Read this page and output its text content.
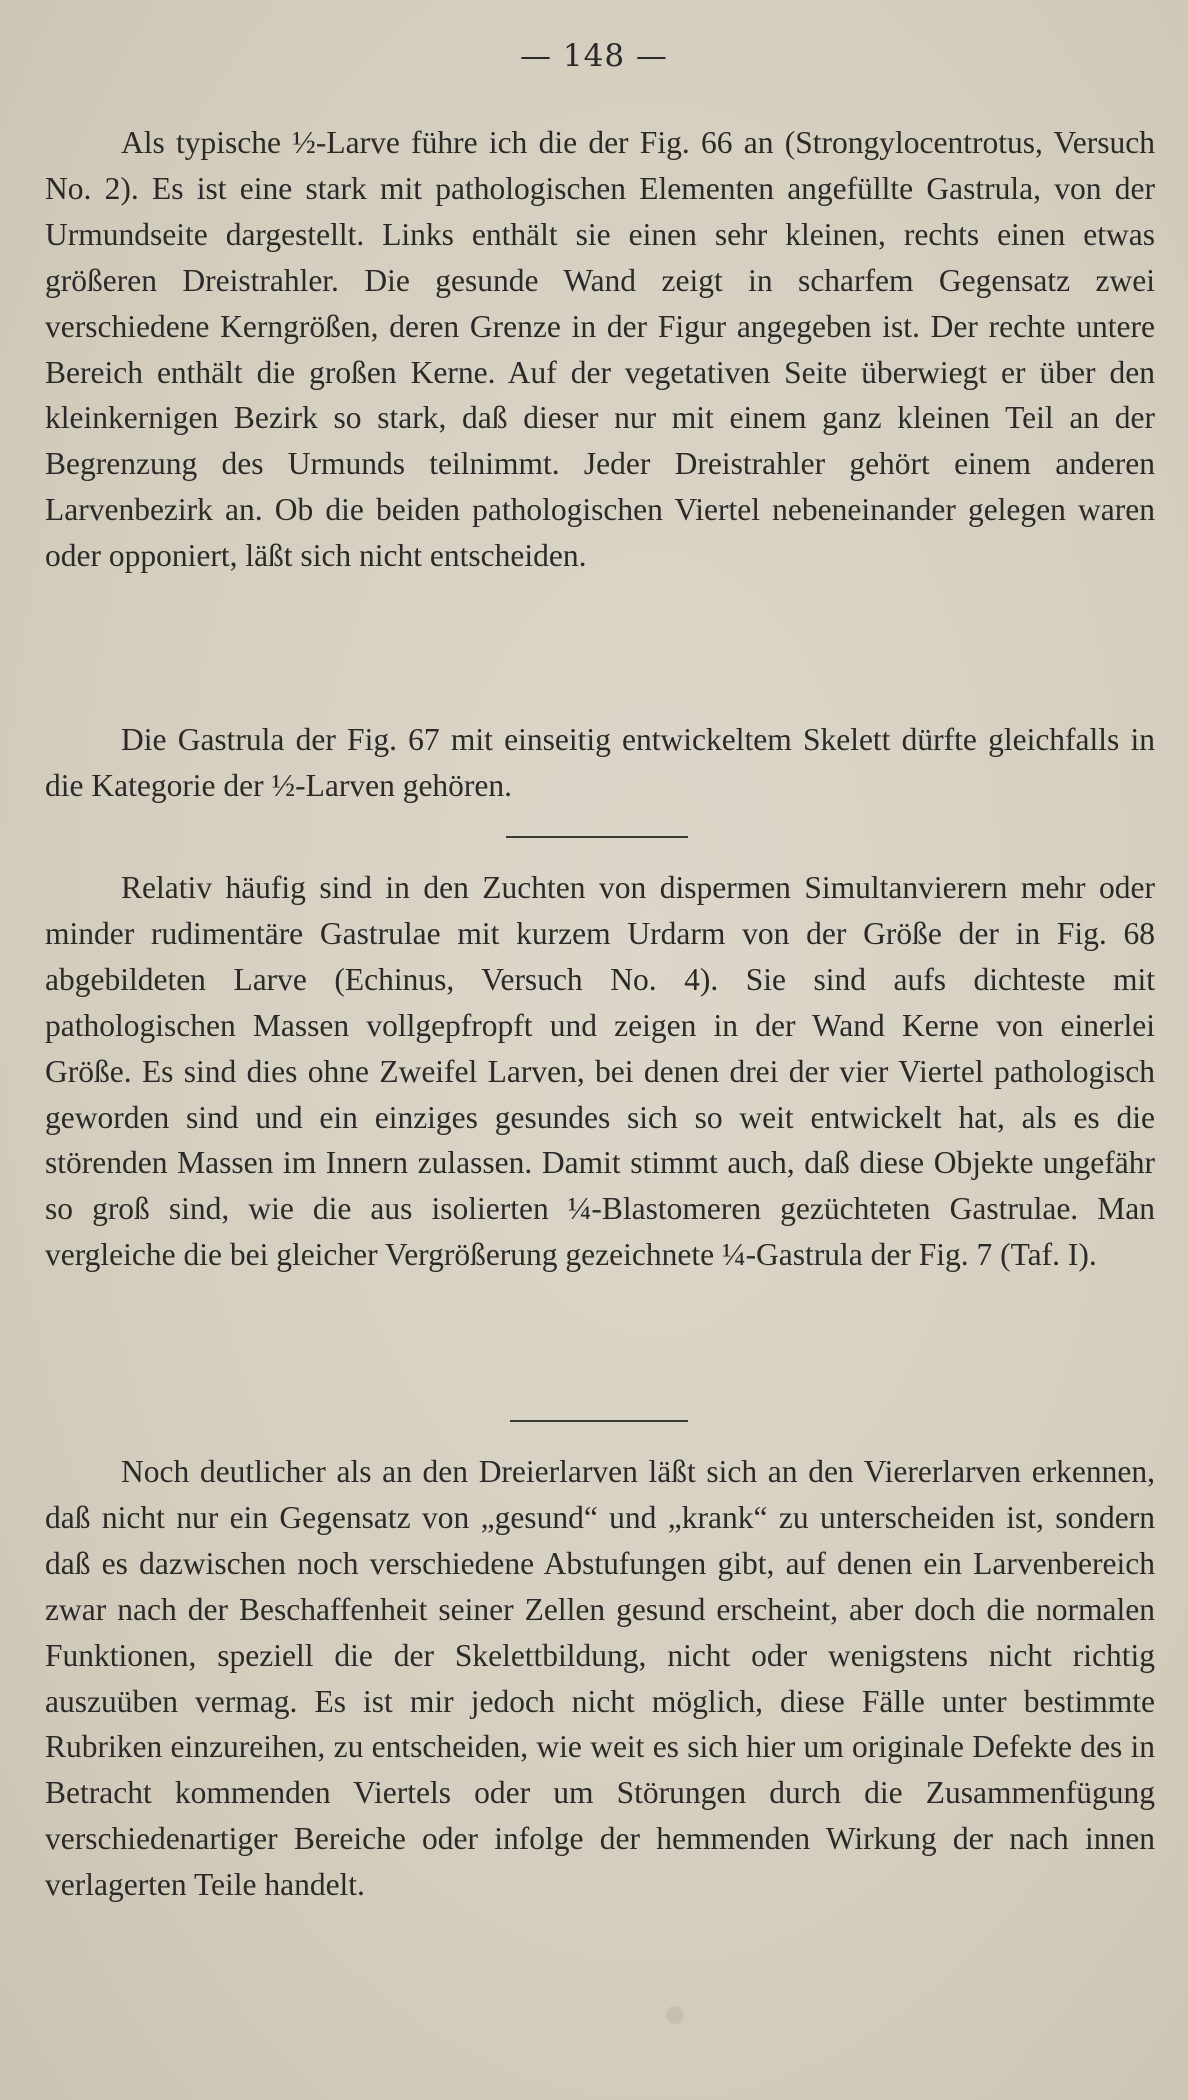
— 148 —

Als typische ½-Larve führe ich die der Fig. 66 an (Strongylocentrotus, Versuch No. 2). Es ist eine stark mit pathologischen Elementen angefüllte Gastrula, von der Urmundseite dargestellt. Links enthält sie einen sehr kleinen, rechts einen etwas größeren Dreistrahler. Die gesunde Wand zeigt in scharfem Gegensatz zwei verschiedene Kerngrößen, deren Grenze in der Figur angegeben ist. Der rechte untere Bereich enthält die großen Kerne. Auf der vegetativen Seite überwiegt er über den kleinkernigen Bezirk so stark, daß dieser nur mit einem ganz kleinen Teil an der Begrenzung des Urmunds teilnimmt. Jeder Dreistrahler gehört einem anderen Larvenbezirk an. Ob die beiden pathologischen Viertel nebeneinander gelegen waren oder opponiert, läßt sich nicht entscheiden.

Die Gastrula der Fig. 67 mit einseitig entwickeltem Skelett dürfte gleichfalls in die Kategorie der ½-Larven gehören.

Relativ häufig sind in den Zuchten von dispermen Simultanvierern mehr oder minder rudimentäre Gastrulae mit kurzem Urdarm von der Größe der in Fig. 68 abgebildeten Larve (Echinus, Versuch No. 4). Sie sind aufs dichteste mit pathologischen Massen vollgepfropft und zeigen in der Wand Kerne von einerlei Größe. Es sind dies ohne Zweifel Larven, bei denen drei der vier Viertel pathologisch geworden sind und ein einziges gesundes sich so weit entwickelt hat, als es die störenden Massen im Innern zulassen. Damit stimmt auch, daß diese Objekte ungefähr so groß sind, wie die aus isolierten ¼-Blastomeren gezüchteten Gastrulae. Man vergleiche die bei gleicher Vergrößerung gezeichnete ¼-Gastrula der Fig. 7 (Taf. I).

Noch deutlicher als an den Dreierlarven läßt sich an den Viererlarven erkennen, daß nicht nur ein Gegensatz von „gesund“ und „krank“ zu unterscheiden ist, sondern daß es dazwischen noch verschiedene Abstufungen gibt, auf denen ein Larvenbereich zwar nach der Beschaffenheit seiner Zellen gesund erscheint, aber doch die normalen Funktionen, speziell die der Skelettbildung, nicht oder wenigstens nicht richtig auszuüben vermag. Es ist mir jedoch nicht möglich, diese Fälle unter bestimmte Rubriken einzureihen, zu entscheiden, wie weit es sich hier um originale Defekte des in Betracht kommenden Viertels oder um Störungen durch die Zusammenfügung verschiedenartiger Bereiche oder infolge der hemmenden Wirkung der nach innen verlagerten Teile handelt.
